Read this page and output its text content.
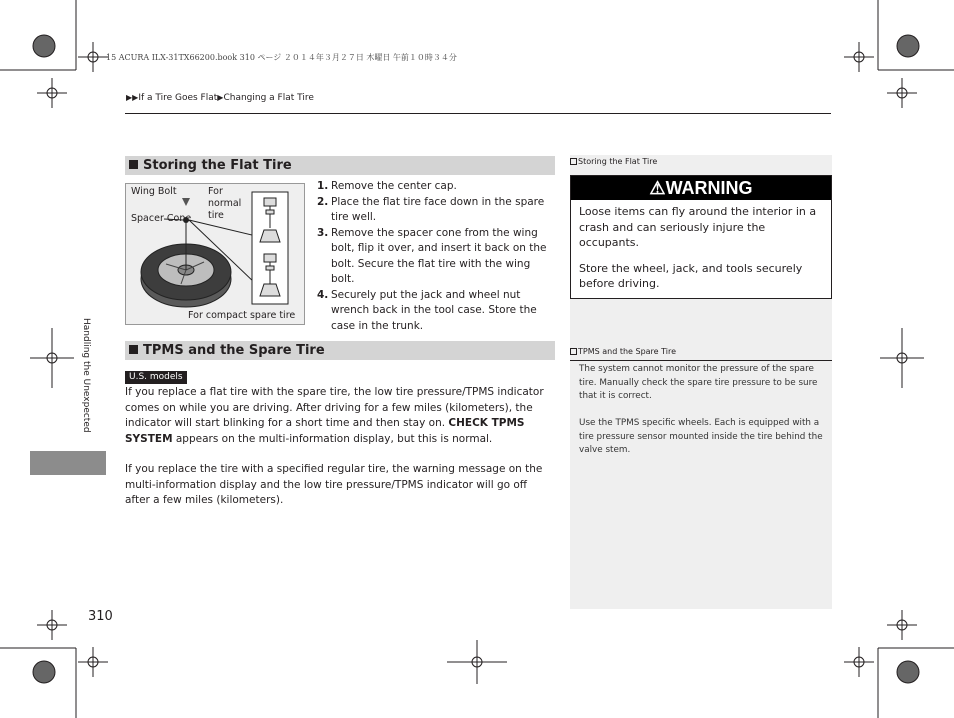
15 ACURA ILX-31TX66200.book 310 ページ ２０１４年３月２７日 木曜日 午前１０時３４分
▶▶If a Tire Goes Flat▶Changing a Flat Tire
Handling the Unexpected
Storing the Flat Tire
Wing Bolt
Spacer Cone
For normal tire
For compact spare tire
1. Remove the center cap.
2. Place the flat tire face down in the spare tire well.
3. Remove the spacer cone from the wing bolt, flip it over, and insert it back on the bolt. Secure the flat tire with the wing bolt.
4. Securely put the jack and wheel nut wrench back in the tool case. Store the case in the trunk.
TPMS and the Spare Tire
U.S. models
If you replace a flat tire with the spare tire, the low tire pressure/TPMS indicator comes on while you are driving. After driving for a few miles (kilometers), the indicator will start blinking for a short time and then stay on. CHECK TPMS SYSTEM appears on the multi-information display, but this is normal.
If you replace the tire with a specified regular tire, the warning message on the multi-information display and the low tire pressure/TPMS indicator will go off after a few miles (kilometers).
310
Storing the Flat Tire
⚠WARNING
Loose items can fly around the interior in a crash and can seriously injure the occupants.
Store the wheel, jack, and tools securely before driving.
TPMS and the Spare Tire
The system cannot monitor the pressure of the spare tire. Manually check the spare tire pressure to be sure that it is correct.
Use the TPMS specific wheels. Each is equipped with a tire pressure sensor mounted inside the tire behind the valve stem.
